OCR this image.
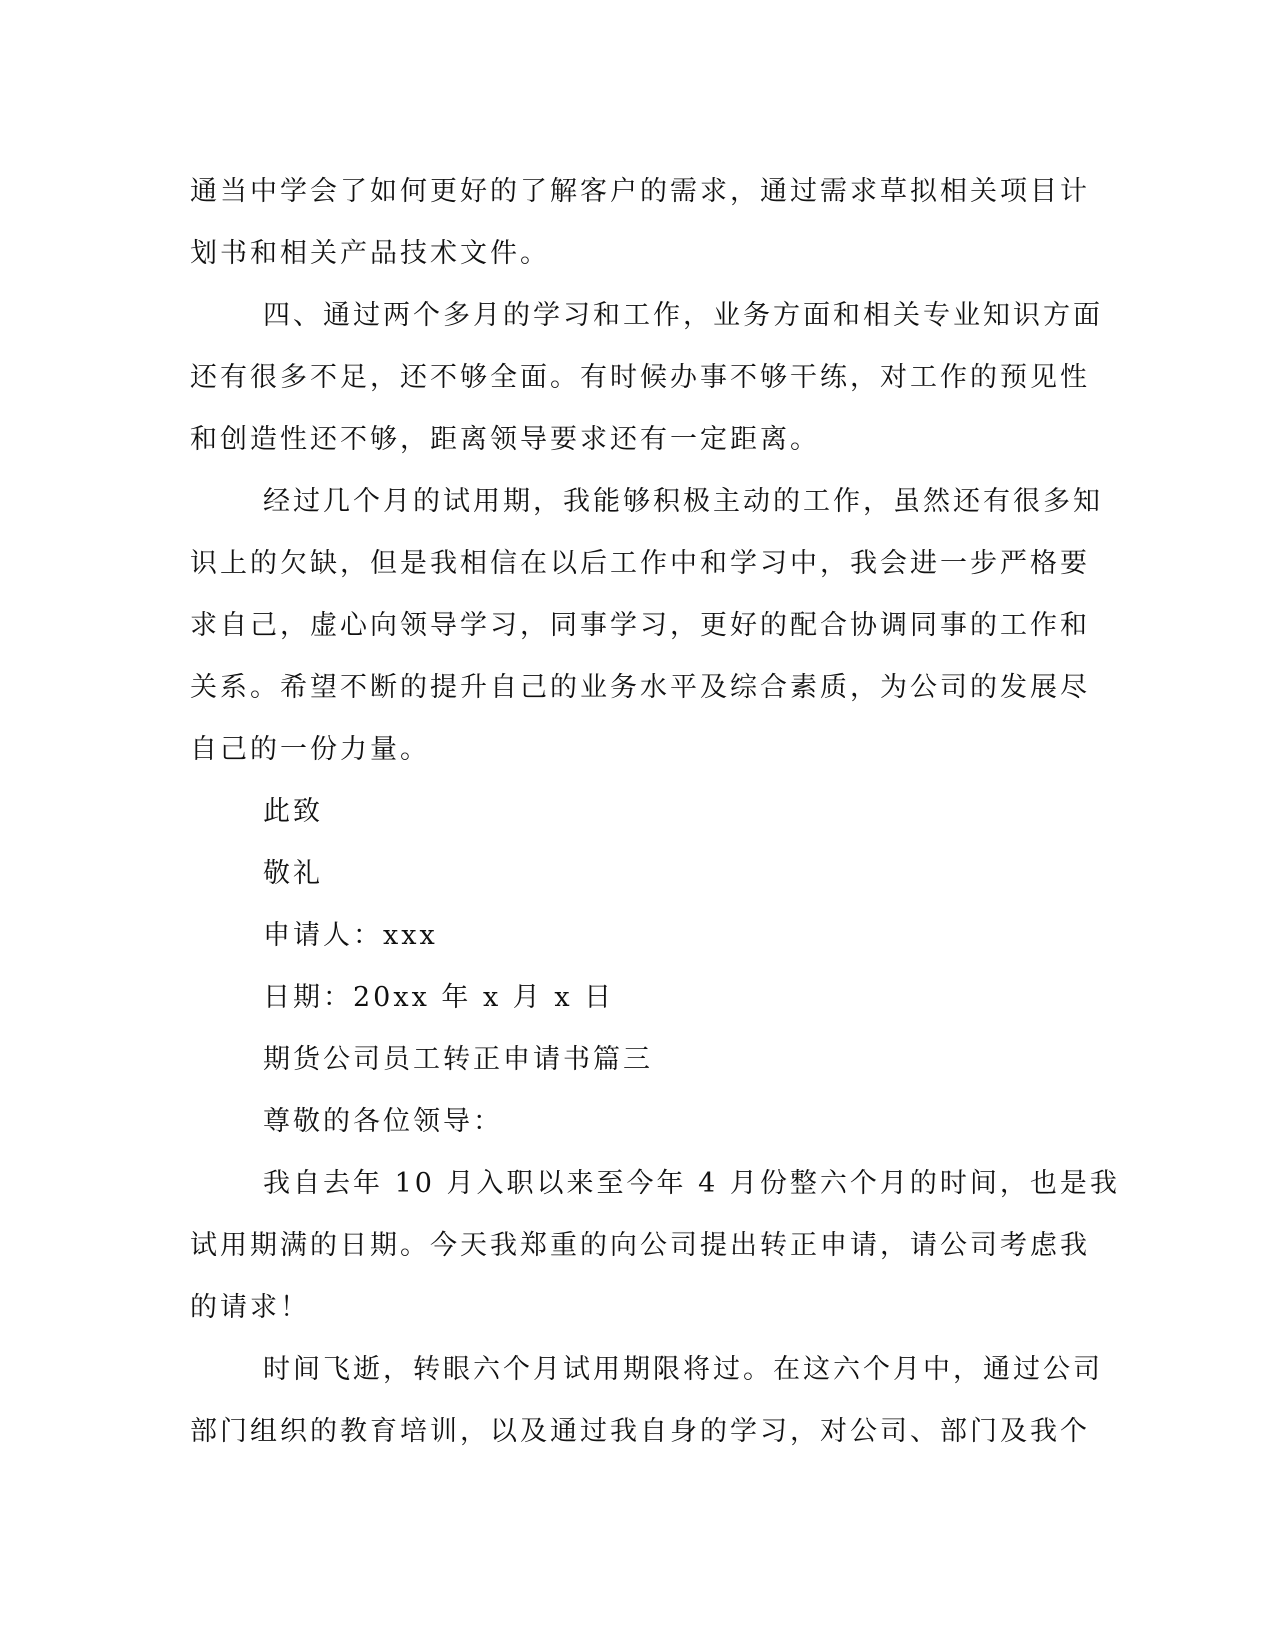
通当中学会了如何更好的了解客户的需求，通过需求草拟相关项目计
划书和相关产品技术文件。
四、通过两个多月的学习和工作，业务方面和相关专业知识方面
还有很多不足，还不够全面。有时候办事不够干练，对工作的预见性
和创造性还不够，距离领导要求还有一定距离。
经过几个月的试用期，我能够积极主动的工作，虽然还有很多知
识上的欠缺，但是我相信在以后工作中和学习中，我会进一步严格要
求自己，虚心向领导学习，同事学习，更好的配合协调同事的工作和
关系。希望不断的提升自己的业务水平及综合素质，为公司的发展尽
自己的一份力量。
此致
敬礼
申请人：xxx
日期：20xx 年 x 月 x 日
期货公司员工转正申请书篇三
尊敬的各位领导：
我自去年 10 月入职以来至今年 4 月份整六个月的时间，也是我
试用期满的日期。今天我郑重的向公司提出转正申请，请公司考虑我
的请求！
时间飞逝，转眼六个月试用期限将过。在这六个月中，通过公司
部门组织的教育培训，以及通过我自身的学习，对公司、部门及我个
